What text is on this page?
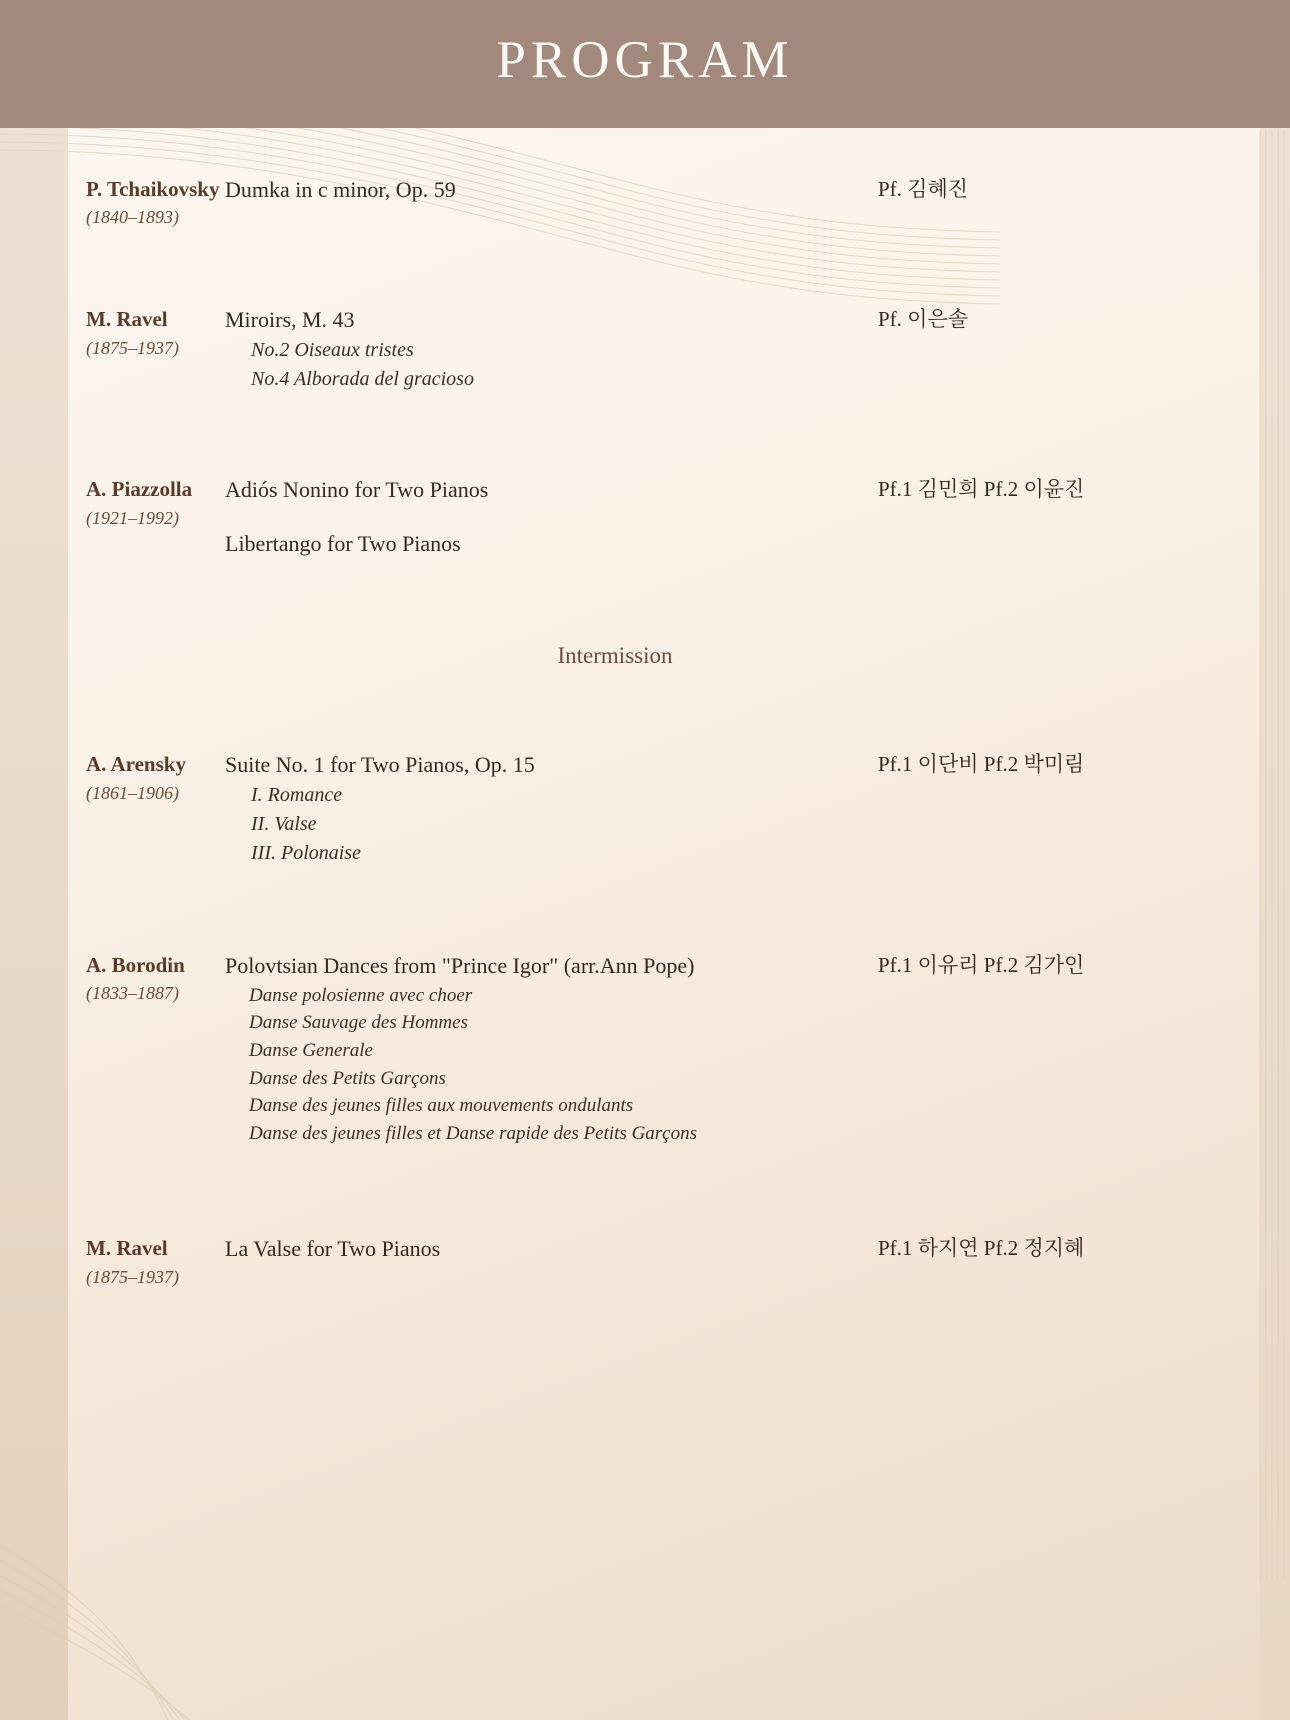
PROGRAM
P. Tchaikovsky
(1840–1893)
Dumka in c minor, Op. 59	Pf. 김혜진
M. Ravel
(1875–1937)
Miroirs, M. 43
No.2 Oiseaux tristes
No.4 Alborada del gracioso
Pf. 이은솔
A. Piazzolla
(1921–1992)
Adiós Nonino for Two Pianos
Libertango for Two Pianos
Pf.1 김민희 Pf.2 이윤진
Intermission
A. Arensky
(1861–1906)
Suite No. 1 for Two Pianos, Op. 15
I. Romance
II. Valse
III. Polonaise
Pf.1 이단비 Pf.2 박미림
A. Borodin
(1833–1887)
Polovtsian Dances from "Prince Igor" (arr.Ann Pope)
Danse polosienne avec choer
Danse Sauvage des Hommes
Danse Generale
Danse des Petits Garçons
Danse des jeunes filles aux mouvements ondulants
Danse des jeunes filles et Danse rapide des Petits Garçons
Pf.1 이유리 Pf.2 김가인
M. Ravel
(1875–1937)
La Valse for Two Pianos	Pf.1 하지연 Pf.2 정지혜
